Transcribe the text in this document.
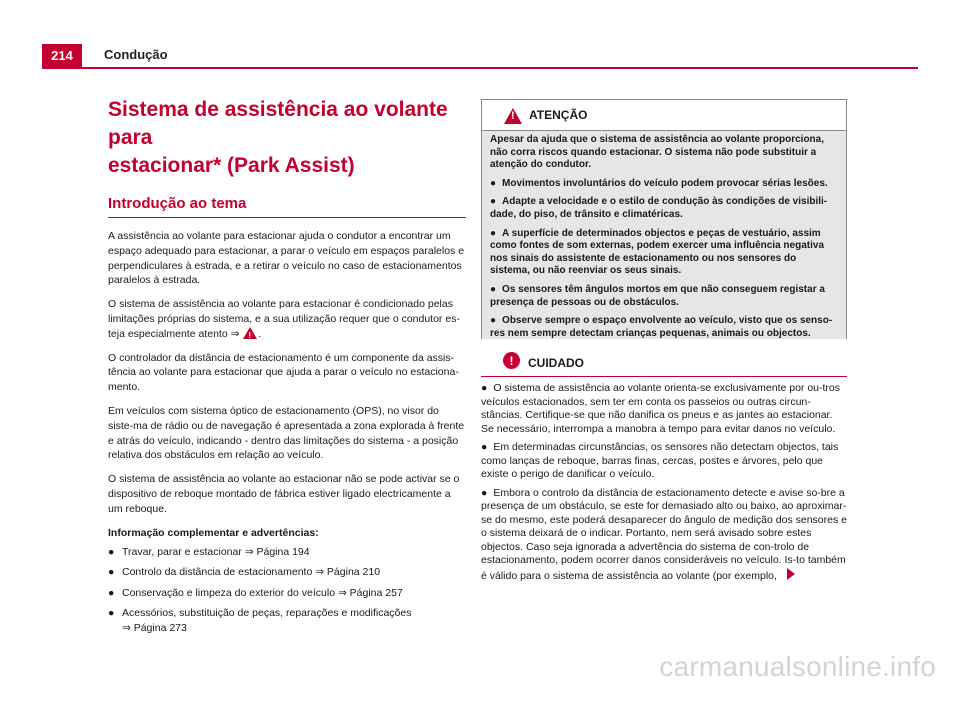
214	Condução
Sistema de assistência ao volante para
estacionar* (Park Assist)
Introdução ao tema

A assistência ao volante para estacionar ajuda o condutor a encontrar um espaço adequado para estacionar, a parar o veículo em espaços paralelos e perpendiculares à estrada, e a retirar o veículo no caso de estacionamentos paralelos à estrada.

O sistema de assistência ao volante para estacionar é condicionado pelas limitações próprias do sistema, e a sua utilização requer que o condutor es-teja especialmente atento ⇒ ! .

O controlador da distância de estacionamento é um componente da assis-tência ao volante para estacionar que ajuda a parar o veículo no estaciona-mento.

Em veículos com sistema óptico de estacionamento (OPS), no visor do siste-ma de rádio ou de navegação é apresentada a zona explorada à frente e atrás do veículo, indicando - dentro das limitações do sistema - a posição relativa dos obstáculos em relação ao veículo.

O sistema de assistência ao volante ao estacionar não se pode activar se o dispositivo de reboque montado de fábrica estiver ligado electricamente a um reboque.

Informação complementar e advertências:

● Travar, parar e estacionar ⇒ Página 194
● Controlo da distância de estacionamento ⇒ Página 210
● Conservação e limpeza do exterior do veículo ⇒ Página 257
● Acessórios, substituição de peças, reparações e modificações
⇒ Página 273
! ATENÇÃO

Apesar da ajuda que o sistema de assistência ao volante proporciona, não corra riscos quando estacionar. O sistema não pode substituir a atenção do condutor.

● Movimentos involuntários do veículo podem provocar sérias lesões.
● Adapte a velocidade e o estilo de condução às condições de visibili-dade, do piso, de trânsito e climatéricas.
● A superfície de determinados objectos e peças de vestuário, assim como fontes de som externas, podem exercer uma influência negativa nos sinais do assistente de estacionamento ou nos sensores do sistema, ou não reenviar os seus sinais.
● Os sensores têm ângulos mortos em que não conseguem registar a presença de pessoas ou de obstáculos.
● Observe sempre o espaço envolvente ao veículo, visto que os senso-res nem sempre detectam crianças pequenas, animais ou objectos.
!	CUIDADO
● O sistema de assistência ao volante orienta-se exclusivamente por ou-tros veículos estacionados, sem ter em conta os passeios ou outras circun-stâncias. Certifique-se que não danifica os pneus e as jantes ao estacionar. Se necessário, interrompa a manobra a tempo para evitar danos no veículo.
● Em determinadas circunstâncias, os sensores não detectam objectos, tais como lanças de reboque, barras finas, cercas, postes e árvores, pelo que existe o perigo de danificar o veículo.
● Embora o controlo da distância de estacionamento detecte e avise so-bre a presença de um obstáculo, se este for demasiado alto ou baixo, ao aproximar-se do mesmo, este poderá desaparecer do ângulo de medição dos sensores e o sistema deixará de o indicar. Portanto, nem será avisado sobre estes objectos. Caso seja ignorada a advertência do sistema de con-trolo de estacionamento, podem ocorrer danos consideráveis no veículo. Is-to também é válido para o sistema de assistência ao volante (por exemplo,
carmanualsonline.info
